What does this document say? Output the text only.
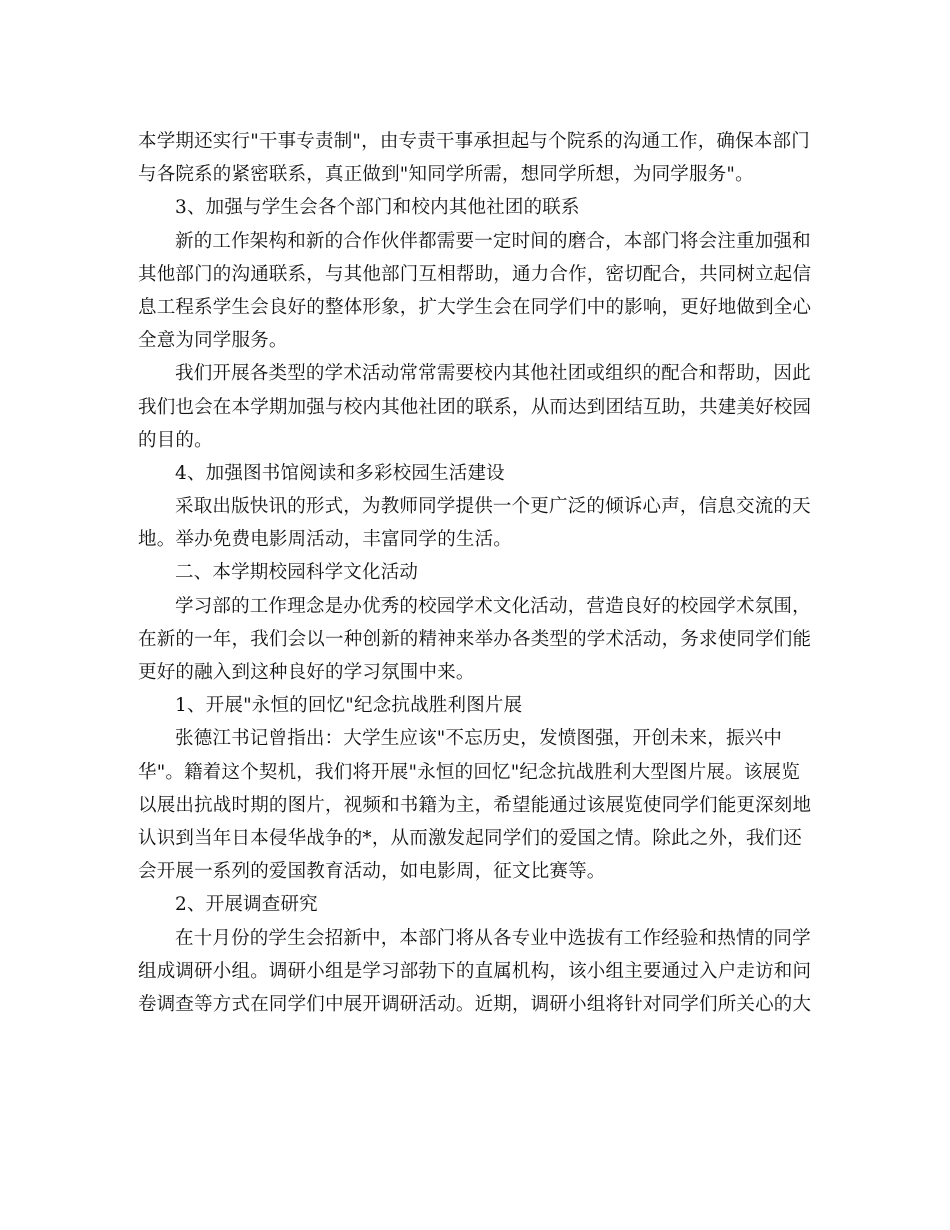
本学期还实行"干事专责制"，由专责干事承担起与个院系的沟通工作，确保本部门
与各院系的紧密联系，真正做到"知同学所需，想同学所想，为同学服务"。
3、加强与学生会各个部门和校内其他社团的联系
新的工作架构和新的合作伙伴都需要一定时间的磨合，本部门将会注重加强和
其他部门的沟通联系，与其他部门互相帮助，通力合作，密切配合，共同树立起信
息工程系学生会良好的整体形象，扩大学生会在同学们中的影响，更好地做到全心
全意为同学服务。
我们开展各类型的学术活动常常需要校内其他社团或组织的配合和帮助，因此
我们也会在本学期加强与校内其他社团的联系，从而达到团结互助，共建美好校园
的目的。
4、加强图书馆阅读和多彩校园生活建设
采取出版快讯的形式，为教师同学提供一个更广泛的倾诉心声，信息交流的天
地。举办免费电影周活动，丰富同学的生活。
二、本学期校园科学文化活动
学习部的工作理念是办优秀的校园学术文化活动，营造良好的校园学术氛围，
在新的一年，我们会以一种创新的精神来举办各类型的学术活动，务求使同学们能
更好的融入到这种良好的学习氛围中来。
1、开展"永恒的回忆"纪念抗战胜利图片展
张德江书记曾指出：大学生应该"不忘历史，发愤图强，开创未来，振兴中
华"。籍着这个契机，我们将开展"永恒的回忆"纪念抗战胜利大型图片展。该展览
以展出抗战时期的图片，视频和书籍为主，希望能通过该展览使同学们能更深刻地
认识到当年日本侵华战争的*，从而激发起同学们的爱国之情。除此之外，我们还
会开展一系列的爱国教育活动，如电影周，征文比赛等。
2、开展调查研究
在十月份的学生会招新中，本部门将从各专业中选拔有工作经验和热情的同学
组成调研小组。调研小组是学习部勃下的直属机构，该小组主要通过入户走访和问
卷调查等方式在同学们中展开调研活动。近期，调研小组将针对同学们所关心的大
